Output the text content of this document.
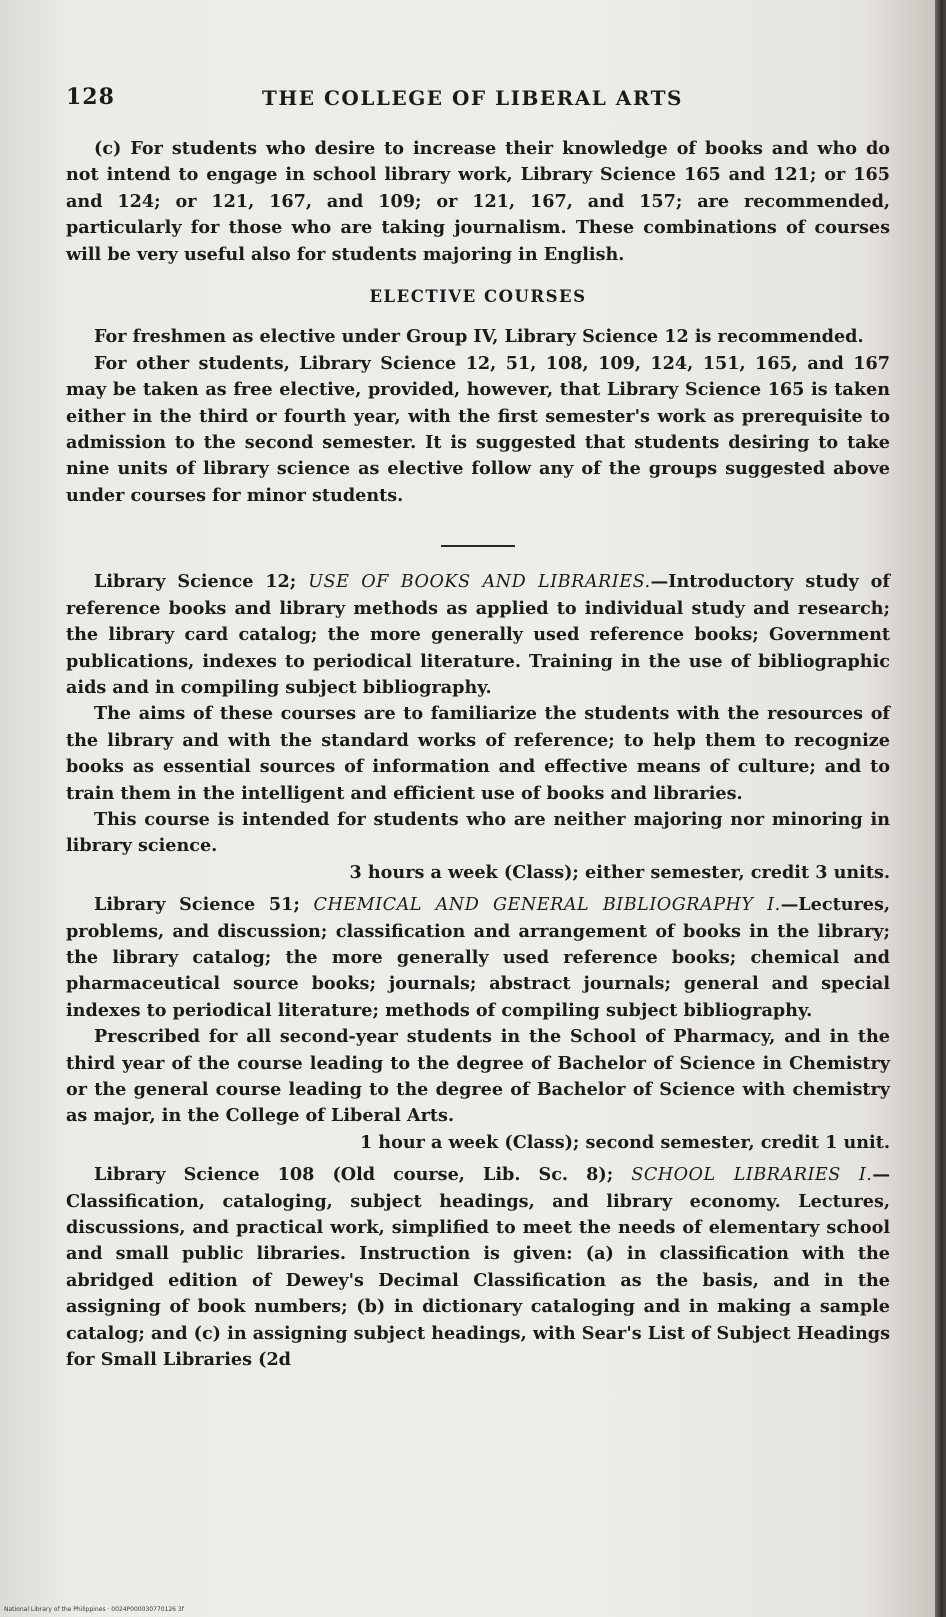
128	THE COLLEGE OF LIBERAL ARTS

(c) For students who desire to increase their knowledge of books and who do not intend to engage in school library work, Library Science 165 and 121; or 165 and 124; or 121, 167, and 109; or 121, 167, and 157; are recommended, particularly for those who are taking journalism. These combinations of courses will be very useful also for students majoring in English.

ELECTIVE COURSES

For freshmen as elective under Group IV, Library Science 12 is recommended.

For other students, Library Science 12, 51, 108, 109, 124, 151, 165, and 167 may be taken as free elective, provided, however, that Library Science 165 is taken either in the third or fourth year, with the first semester's work as prerequisite to admission to the second semester. It is suggested that students desiring to take nine units of library science as elective follow any of the groups suggested above under courses for minor students.

Library Science 12; USE OF BOOKS AND LIBRARIES.—Introductory study of reference books and library methods as applied to individual study and research; the library card catalog; the more generally used reference books; Government publications, indexes to periodical literature. Training in the use of bibliographic aids and in compiling subject bibliography.

The aims of these courses are to familiarize the students with the resources of the library and with the standard works of reference; to help them to recognize books as essential sources of information and effective means of culture; and to train them in the intelligent and efficient use of books and libraries.

This course is intended for students who are neither majoring nor minoring in library science.

3 hours a week (Class); either semester, credit 3 units.

Library Science 51; CHEMICAL AND GENERAL BIBLIOGRAPHY I.—Lectures, problems, and discussion; classification and arrangement of books in the library; the library catalog; the more generally used reference books; chemical and pharmaceutical source books; journals; abstract journals; general and special indexes to periodical literature; methods of compiling subject bibliography.

Prescribed for all second-year students in the School of Pharmacy, and in the third year of the course leading to the degree of Bachelor of Science in Chemistry or the general course leading to the degree of Bachelor of Science with chemistry as major, in the College of Liberal Arts.

1 hour a week (Class); second semester, credit 1 unit.

Library Science 108 (Old course, Lib. Sc. 8); SCHOOL LIBRARIES I.—Classification, cataloging, subject headings, and library economy. Lectures, discussions, and practical work, simplified to meet the needs of elementary school and small public libraries. Instruction is given: (a) in classification with the abridged edition of Dewey's Decimal Classification as the basis, and in the assigning of book numbers; (b) in dictionary cataloging and in making a sample catalog; and (c) in assigning subject headings, with Sear's List of Subject Headings for Small Libraries (2d

National Library of the Philippines · 0024P000030770126 3f
